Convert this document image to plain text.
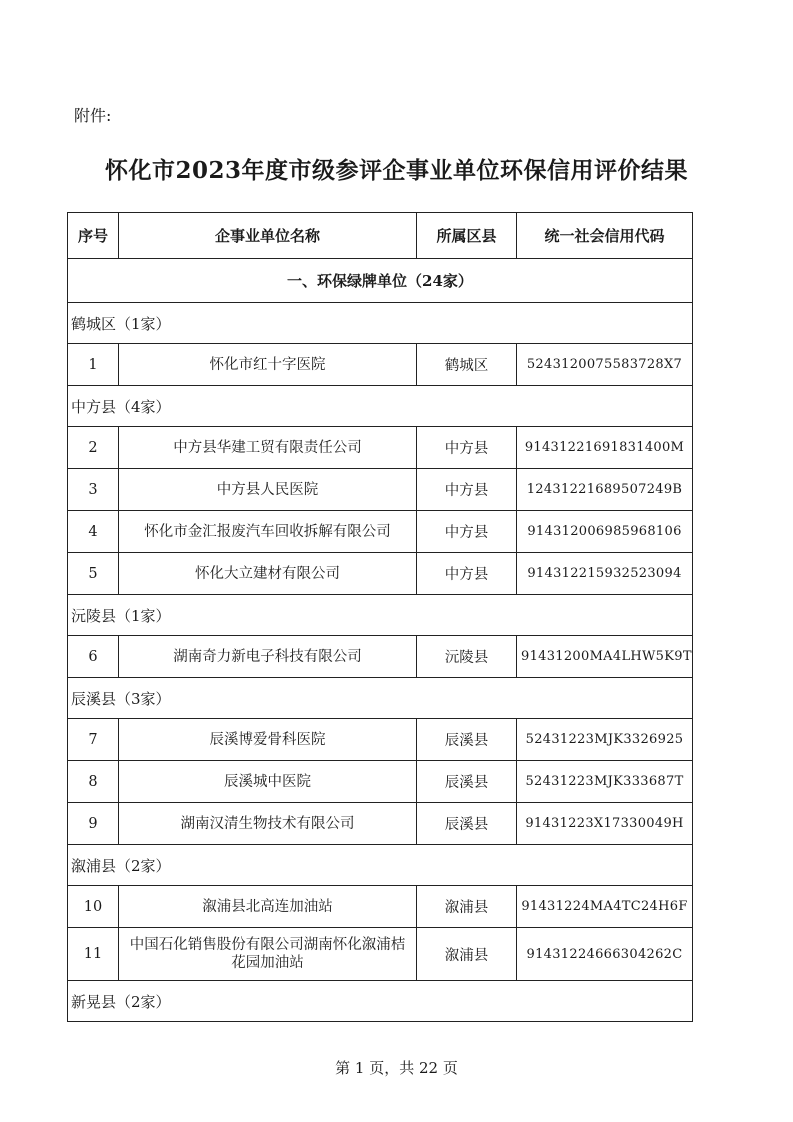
附件:
怀化市2023年度市级参评企事业单位环保信用评价结果
序号	企事业单位名称	所属区县	统一社会信用代码
一、环保绿牌单位（24家）			
鹤城区（1家）			
1	怀化市红十字医院	鹤城区	5243120075583728X7
中方县（4家）			
2	中方县华建工贸有限责任公司	中方县	91431221691831400M
3	中方县人民医院	中方县	12431221689507249B
4	怀化市金汇报废汽车回收拆解有限公司	中方县	914312006985968106
5	怀化大立建材有限公司	中方县	914312215932523094
沅陵县（1家）			
6	湖南奇力新电子科技有限公司	沅陵县	91431200MA4LHW5K9T
辰溪县（3家）			
7	辰溪博爱骨科医院	辰溪县	52431223MJK3326925
8	辰溪城中医院	辰溪县	52431223MJK333687T
9	湖南汉清生物技术有限公司	辰溪县	91431223X17330049H
溆浦县（2家）			
10	溆浦县北高连加油站	溆浦县	91431224MA4TC24H6F
11	中国石化销售股份有限公司湖南怀化溆浦桔花园加油站	溆浦县	91431224666304262C
新晃县（2家）			
第 1 页，共 22 页
